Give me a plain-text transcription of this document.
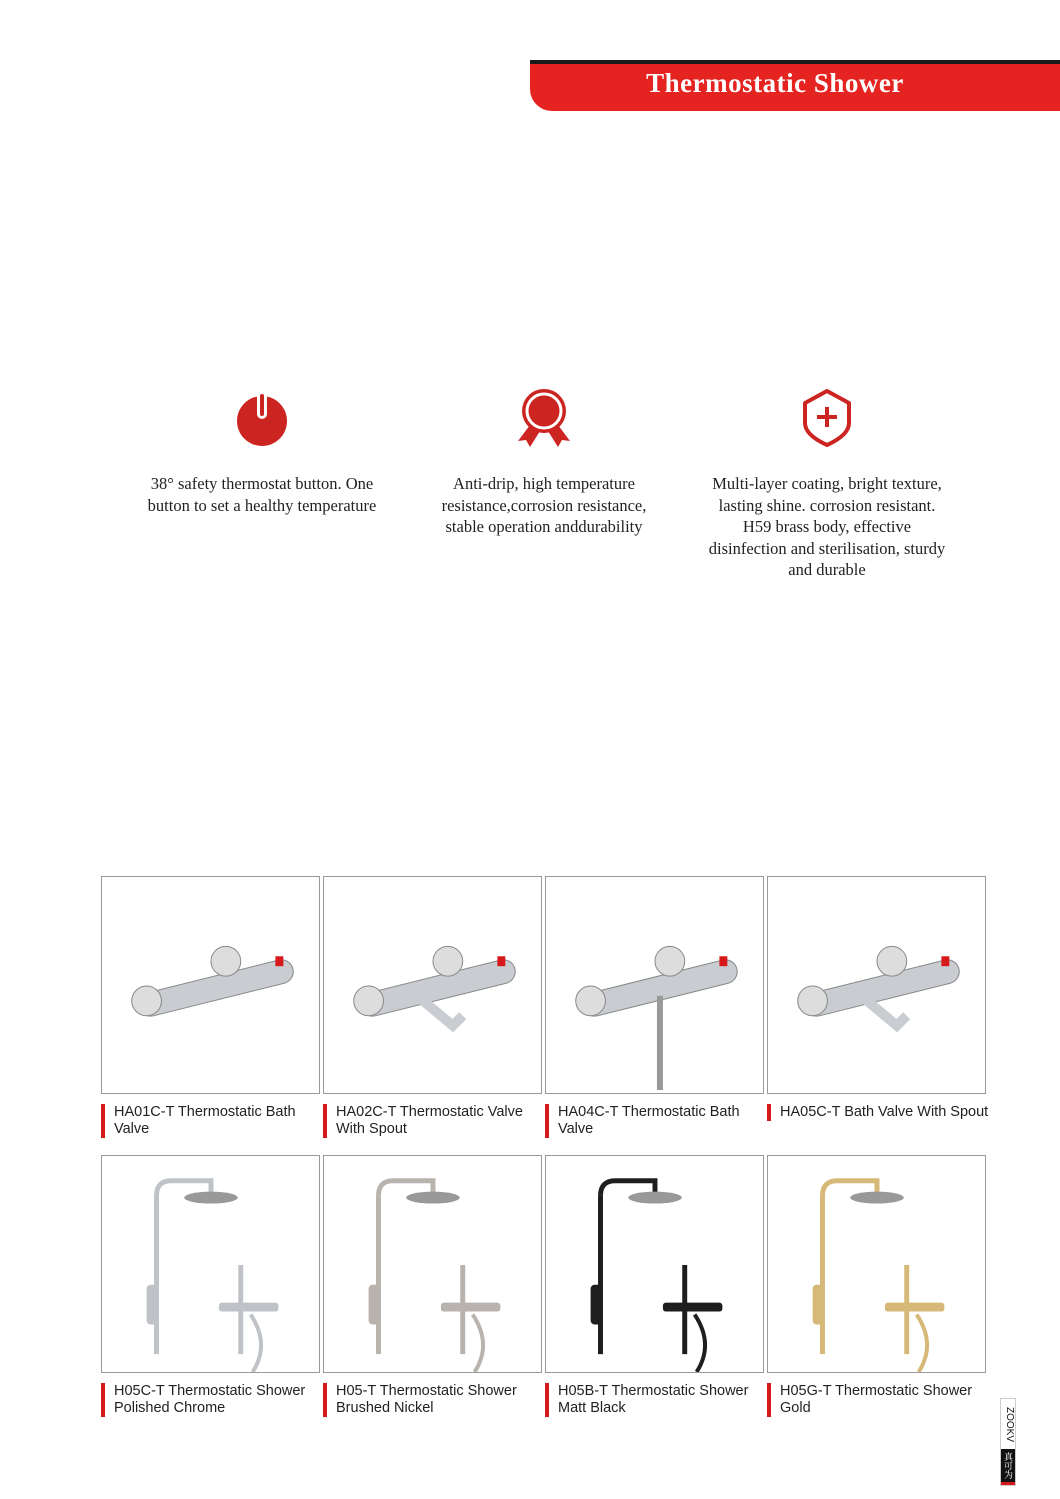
Thermostatic Shower

38° safety thermostat button. One button to set a healthy temperature

Anti-drip, high temperature resistance,corrosion resistance, stable operation anddurability

Multi-layer coating, bright texture, lasting shine. corrosion resistant. H59 brass body, effective disinfection and sterilisation, sturdy and durable

HA01C-T Thermostatic Bath Valve
HA02C-T Thermostatic Valve With Spout
HA04C-T Thermostatic Bath Valve
HA05C-T Bath Valve With Spout
H05C-T Thermostatic Shower Polished Chrome
H05-T Thermostatic Shower Brushed Nickel
H05B-T Thermostatic Shower Matt Black
H05G-T Thermostatic Shower Gold	ZOOKV
真可为
